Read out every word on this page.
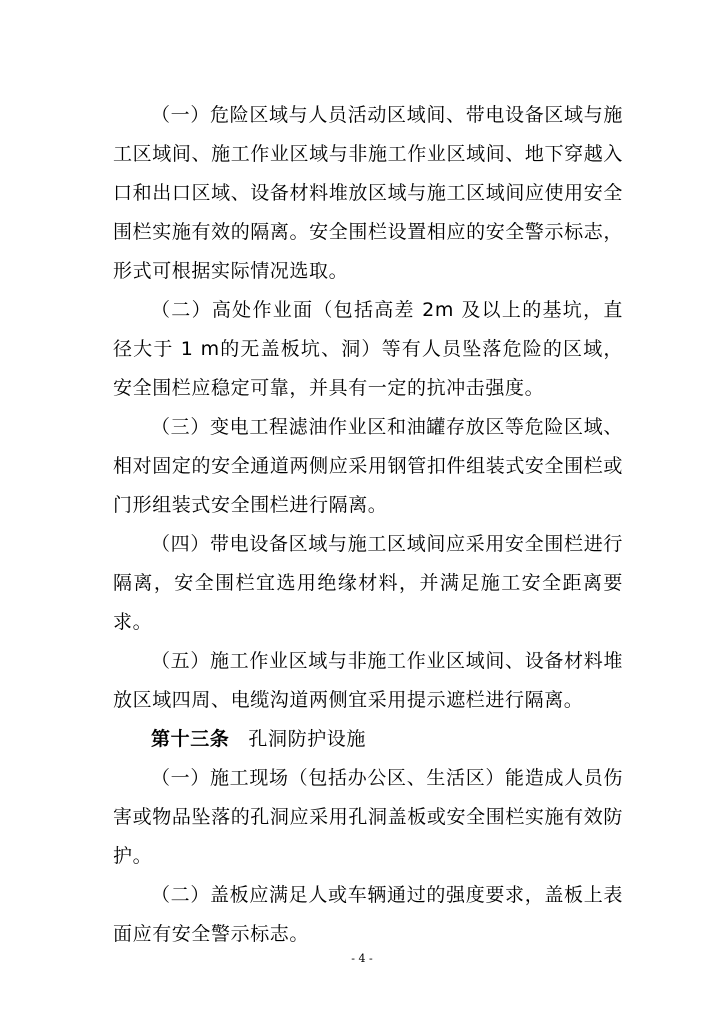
（一）危险区域与人员活动区域间、带电设备区域与施工区域间、施工作业区域与非施工作业区域间、地下穿越入口和出口区域、设备材料堆放区域与施工区域间应使用安全围栏实施有效的隔离。安全围栏设置相应的安全警示标志，形式可根据实际情况选取。

（二）高处作业面（包括高差 2m 及以上的基坑，直径大于 1 m的无盖板坑、洞）等有人员坠落危险的区域，安全围栏应稳定可靠，并具有一定的抗冲击强度。

（三）变电工程滤油作业区和油罐存放区等危险区域、相对固定的安全通道两侧应采用钢管扣件组装式安全围栏或门形组装式安全围栏进行隔离。

（四）带电设备区域与施工区域间应采用安全围栏进行隔离，安全围栏宜选用绝缘材料，并满足施工安全距离要求。

（五）施工作业区域与非施工作业区域间、设备材料堆放区域四周、电缆沟道两侧宜采用提示遮栏进行隔离。

第十三条 孔洞防护设施

（一）施工现场（包括办公区、生活区）能造成人员伤害或物品坠落的孔洞应采用孔洞盖板或安全围栏实施有效防护。

（二）盖板应满足人或车辆通过的强度要求，盖板上表面应有安全警示标志。

- 4 -
